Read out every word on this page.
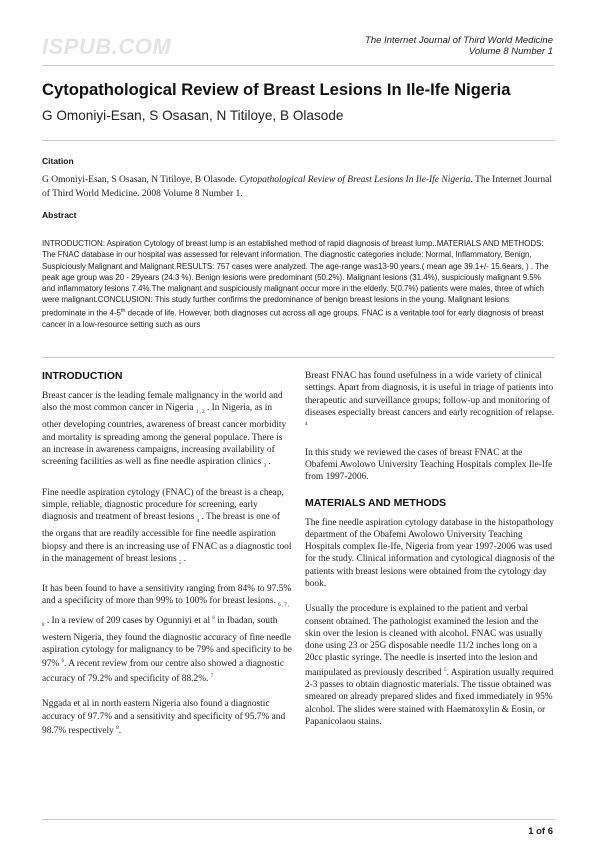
ISPUB.COM	The Internet Journal of Third World Medicine
Volume 8 Number 1
Cytopathological Review of Breast Lesions In Ile-Ife Nigeria
G Omoniyi-Esan, S Osasan, N Titiloye, B Olasode
Citation
G Omoniyi-Esan, S Osasan, N Titiloye, B Olasode. Cytopathological Review of Breast Lesions In Ile-Ife Nigeria. The Internet Journal of Third World Medicine. 2008 Volume 8 Number 1.
Abstract
INTRODUCTION: Aspiration Cytology of breast lump is an established method of rapid diagnosis of breast lump..MATERIALS AND METHODS: The FNAC database in our hospital was assessed for relevant information. The diagnostic categories include: Normal, Inflammatory, Benign, Suspiciously Malignant and Malignant.RESULTS: 757 cases were analyzed. The age-range was13-90 years.( mean age 39.1+/- 15.6ears, ) . The peak age group was 20 - 29years (24.3 %). Benign lesions were predominant (50.2%). Malignant lesions (31.4%), suspiciously malignant 9.5% and inflammatory lesions 7.4%.The malignant and suspiciously malignant occur more in the elderly. 5(0.7%) patients were males, three of which were malignant.CONCLUSION: This study further confirms the predominance of benign breast lesions in the young. Malignant lesions predominate in the 4-5th decade of life. However, both diagnoses cut across all age groups. FNAC is a veritable tool for early diagnosis of breast cancer in a low-resource setting such as ours
INTRODUCTION

Breast cancer is the leading female malignancy in the world and also the most common cancer in Nigeria $_{1 , 2}$ . In Nigeria, as in other developing countries, awareness of breast cancer morbidity and mortality is spreading among the general populace. There is an increase in awareness campaigns, increasing availability of screening facilities as well as fine needle aspiration clinics $_3$ .

Fine needle aspiration cytology (FNAC) of the breast is a cheap, simple, reliable, diagnostic procedure for screening, early diagnosis and treatment of breast lesions $_4$ . The breast is one of the organs that are readily accessible for fine needle aspiration biopsy and there is an increasing use of FNAC as a diagnostic tool in the management of breast lesions $_5$ .

It has been found to have a sensitivity ranging from 84% to 97.5% and a specificity of more than 99% to 100% for breast lesions. $_{6 , 7 , 8}$ . In a review of 209 cases by Ogunniyi et al $^6$ in Ibadan, south western Nigeria, they found the diagnostic accuracy of fine needle aspiration cytology for malignancy to be 79% and specificity to be 97% $^6$. A recent review from our centre also showed a diagnostic accuracy of 79.2% and specificity of 88.2%. $^7$

Nggada et al in north eastern Nigeria also found a diagnostic accuracy of 97.7% and a sensitivity and specificity of 95.7% and 98.7% respectively $^8$.

Breast FNAC has found usefulness in a wide variety of clinical settings. Apart from diagnosis, it is useful in triage of patients into therapeutic and surveillance groups; follow-up and monitoring of diseases especially breast cancers and early recognition of relapse. $^4$

In this study we reviewed the cases of breast FNAC at the Obafemi Awolowo University Teaching Hospitals complex Ile-Ife from 1997-2006.

MATERIALS AND METHODS

The fine needle aspiration cytology database in the histopathology department of the Obafemi Awolowo University Teaching Hospitals complex Ile-Ife, Nigeria from year 1997-2006 was used for the study. Clinical information and cytological diagnosis of the patients with breast lesions were obtained from the cytology day book.

Usually the procedure is explained to the patient and verbal consent obtained. The pathologist examined the lesion and the skin over the lesion is cleaned with alcohol. FNAC was usually done using 23 or 25G disposable needle 11/2 inches long on a 20cc plastic syringe. The needle is inserted into the lesion and manipulated as previously described $^5$. Aspiration usually required 2-3 passes to obtain diagnostic materials. The tissue obtained was smeared on already prepared slides and fixed immediately in 95% alcohol. The slides were stained with Haematoxylin & Eosin, or Papanicolaou stains.

1 of 6
